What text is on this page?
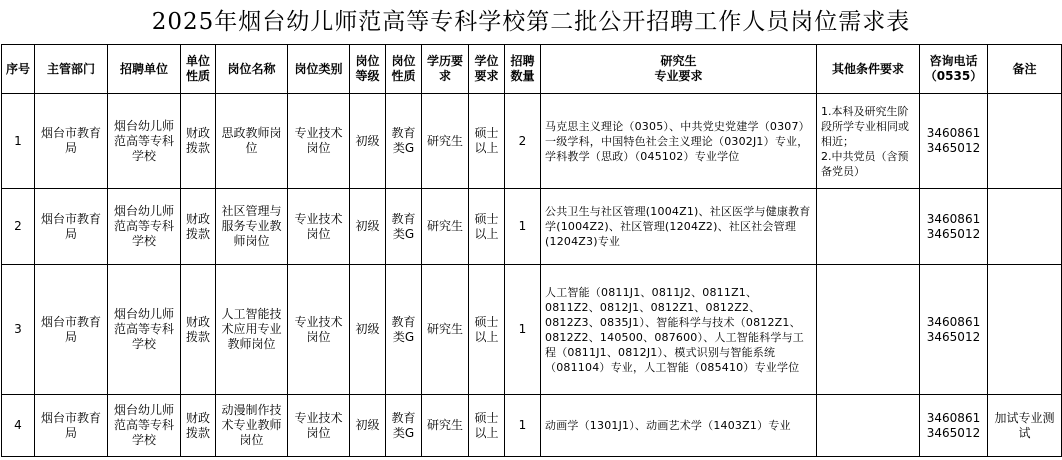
2025年烟台幼儿师范高等专科学校第二批公开招聘工作人员岗位需求表
序号	主管部门	招聘单位	单位性质	岗位名称	岗位类别	岗位等级	岗位性质	学历要求	学位要求	招聘数量	研究生
专业要求	其他条件要求	咨询电话
（0535）	备注
1	烟台市教育局	烟台幼儿师范高等专科学校	财政拨款	思政教师岗位	专业技术岗位	初级	教育类G	研究生	硕士以上	2	马克思主义理论（0305）、中共党史党建学（0307）一级学科，中国特色社会主义理论（0302J1）专业，学科教学（思政）（045102）专业学位	1.本科及研究生阶段所学专业相同或相近；
2.中共党员（含预备党员）	3460861
3465012	

2	烟台市教育局	烟台幼儿师范高等专科学校	财政拨款	社区管理与服务专业教师岗位	专业技术岗位	初级	教育类G	研究生	硕士以上	1	公共卫生与社区管理(1004Z1)、社区医学与健康教育学(1004Z2)、社区管理(1204Z2)、社区社会管理(1204Z3)专业		3460861
3465012	

3	烟台市教育局	烟台幼儿师范高等专科学校	财政拨款	人工智能技术应用专业教师岗位	专业技术岗位	初级	教育类G	研究生	硕士以上	1	人工智能（0811J1、0811J2、0811Z1、0811Z2、0812J1、0812Z1、0812Z2、0812Z3、0835J1）、智能科学与技术（0812Z1、0812Z2、140500、087600）、人工智能科学与工程（0811J1、0812J1）、模式识别与智能系统（081104）专业，人工智能（085410）专业学位		3460861
3465012	

4	烟台市教育局	烟台幼儿师范高等专科学校	财政拨款	动漫制作技术专业教师岗位	专业技术岗位	初级	教育类G	研究生	硕士以上	1	动画学（1301J1）、动画艺术学（1403Z1）专业		3460861
3465012	加试专业测试
